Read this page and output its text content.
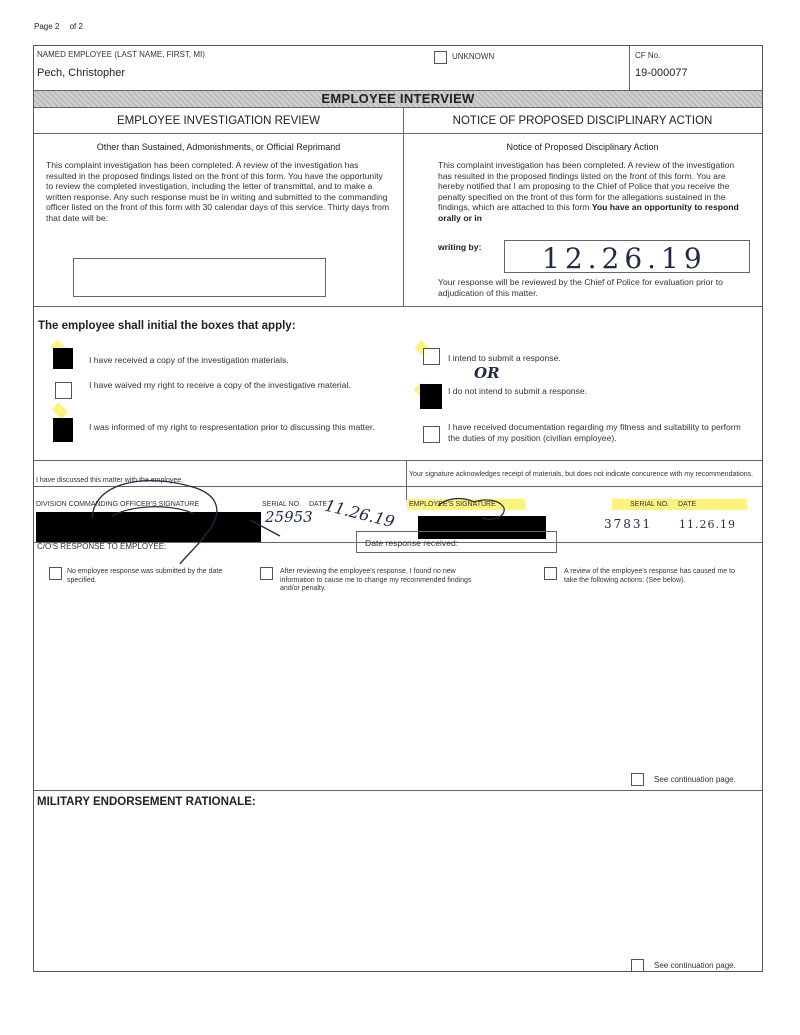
Page 2 of 2
NAMED EMPLOYEE (LAST NAME, FIRST, MI)
Pech, Christopher
UNKNOWN	CF No.
19-000077
EMPLOYEE INTERVIEW
EMPLOYEE INVESTIGATION REVIEW	NOTICE OF PROPOSED DISCIPLINARY ACTION
Other than Sustained, Admonishments, or Official Reprimand
This complaint investigation has been completed. A review of the investigation has resulted in the proposed findings listed on the front of this form. You have the opportunity to review the completed investigation, including the letter of transmittal, and to make a written response. Any such response must be in writing and submitted to the commanding officer listed on the front of this form with 30 calendar days of this service. Thirty days from that date will be:
Notice of Proposed Disciplinary Action
This complaint investigation has been completed. A review of the investigation has resulted in the proposed findings listed on the front of this form. You are hereby notified that I am proposing to the Chief of Police that you receive the penalty specified on the front of this form for the allegations sustained in the findings, which are attached to this form You have an opportunity to respond orally or in
writing by: 12.26.19
Your response will be reviewed by the Chief of Police for evaluation prior to adjudication of this matter.
The employee shall initial the boxes that apply:
I have received a copy of the investigation materials.
I have waived my right to receive a copy of the investigative material.
I was informed of my right to respresentation prior to discussing this matter.
I intend to submit a response.
OR
I do not intend to submit a response.
I have received documentation regarding my fitness and suitability to perform the duties of my position (civilian employee).
I have discussed this matter with the employee.
Your signature acknowledges receipt of materials, but does not indicate concurence with my recommendations.
DIVISION COMMANDING OFFICER'S SIGNATURE	SERIAL NO. DATE	EMPLOYEE'S SIGNATURE	SERIAL NO. DATE
25953 11.26.19	37831 11.26.19
C/O'S RESPONSE TO EMPLOYEE:	Date response received:
No employee response was submitted by the date specified.
After reviewing the employee's response, I found no new information to cause me to change my recommended findings and/or penalty.
A review of the employee's response has caused me to take the following actions: (See below).
See continuation page.
MILITARY ENDORSEMENT RATIONALE:
See continuation page.
